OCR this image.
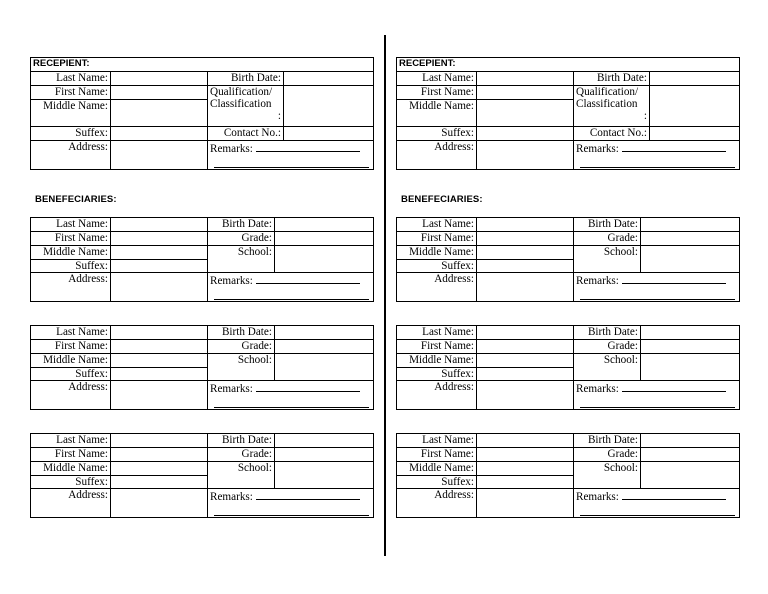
RECEPIENT:			
Last Name:		Birth Date:	
First Name:		Qualification/
Classification
:	

Middle Name:			
Suffex:		Contact No.:	
Address:		Remarks:	
BENEFECIARIES:
Last Name:		Birth Date:	
First Name:		Grade:	
Middle Name:		School:	
Suffex:			
Address:		Remarks:	
Last Name:		Birth Date:	
First Name:		Grade:	
Middle Name:		School:	
Suffex:			
Address:		Remarks:	
Last Name:		Birth Date:	
First Name:		Grade:	
Middle Name:		School:	
Suffex:			
Address:		Remarks:	
RECEPIENT:			
Last Name:		Birth Date:	
First Name:		Qualification/
Classification
:	

Middle Name:			
Suffex:		Contact No.:	
Address:		Remarks:	
BENEFECIARIES:
Last Name:		Birth Date:	
First Name:		Grade:	
Middle Name:		School:	
Suffex:			
Address:		Remarks:	
Last Name:		Birth Date:	
First Name:		Grade:	
Middle Name:		School:	
Suffex:			
Address:		Remarks:	
Last Name:		Birth Date:	
First Name:		Grade:	
Middle Name:		School:	
Suffex:			
Address:		Remarks:	
